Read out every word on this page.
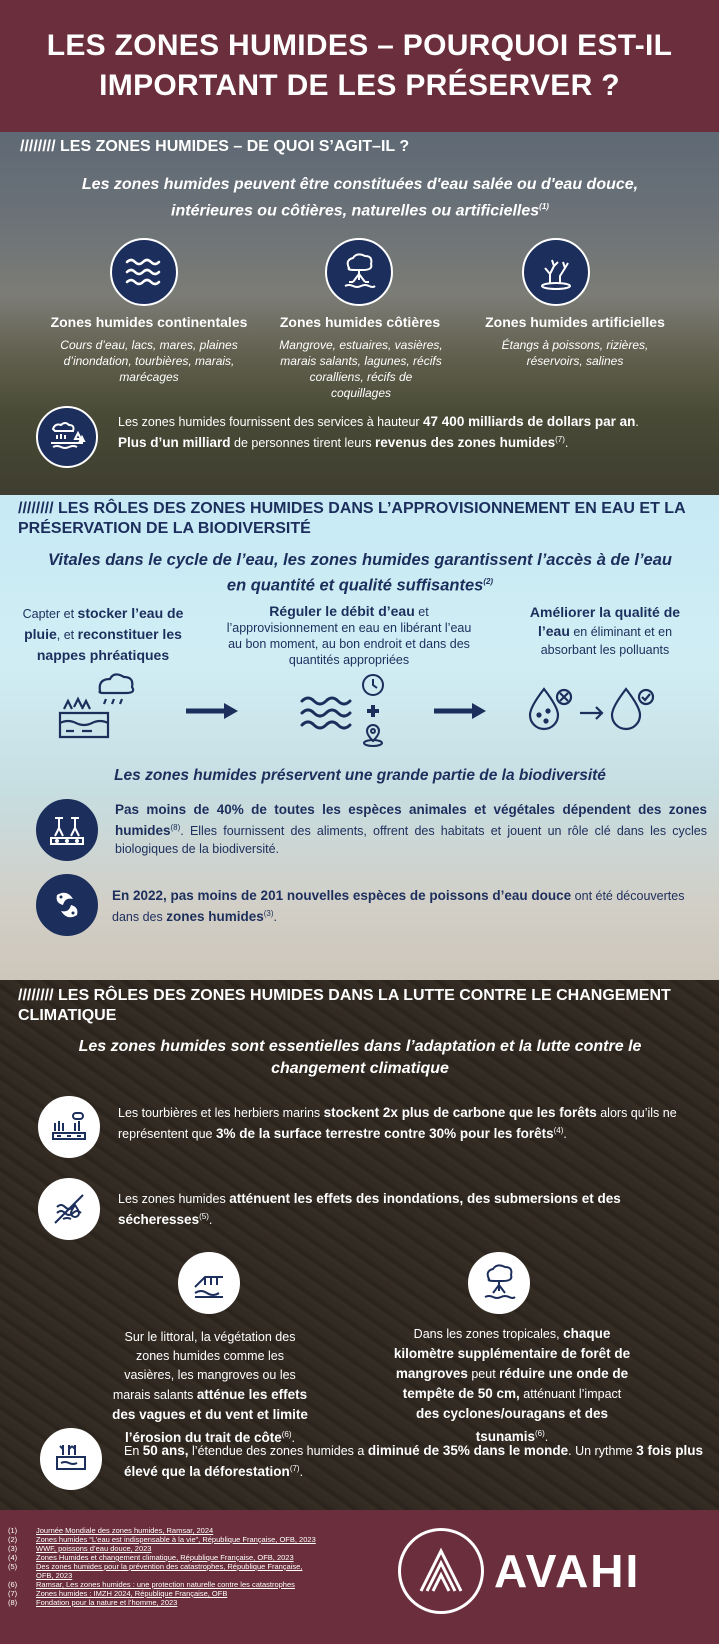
LES ZONES HUMIDES – POURQUOI EST-IL
IMPORTANT DE LES PRÉSERVER ?
//////// LES ZONES HUMIDES – DE QUOI S’AGIT–IL ?
Les zones humides peuvent être constituées d'eau salée ou d'eau douce,
intérieures ou côtières, naturelles ou artificielles$^{(1)}$
Zones humides continentales
Cours d’eau, lacs, mares, plaines d’inondation, tourbières, marais, marécages
Zones humides côtières
Mangrove, estuaires, vasières, marais salants, lagunes, récifs coralliens, récifs de coquillages
Zones humides artificielles
Étangs à poissons, rizières, réservoirs, salines
Les zones humides fournissent des services à hauteur 47 400 milliards de dollars par an.
Plus d’un milliard de personnes tirent leurs revenus des zones humides$^{(7)}$.
//////// LES RÔLES DES ZONES HUMIDES DANS L’APPROVISIONNEMENT EN EAU ET LA
PRÉSERVATION DE LA BIODIVERSITÉ
Vitales dans le cycle de l’eau, les zones humides garantissent l’accès à de l’eau
en quantité et qualité suffisantes$^{(2)}$
Capter et stocker l’eau de pluie, et reconstituer les nappes phréatiques
Réguler le débit d’eau et l’approvisionnement en eau en libérant l’eau au bon moment, au bon endroit et dans des quantités appropriées
Améliorer la qualité de l’eau en éliminant et en absorbant les polluants
Les zones humides préservent une grande partie de la biodiversité
Pas moins de 40% de toutes les espèces animales et végétales dépendent des zones humides$^{(8)}$. Elles fournissent des aliments, offrent des habitats et jouent un rôle clé dans les cycles biologiques de la biodiversité.
En 2022, pas moins de 201 nouvelles espèces de poissons d’eau douce ont été découvertes dans des zones humides$^{(3)}$.
//////// LES RÔLES DES ZONES HUMIDES DANS LA LUTTE CONTRE LE CHANGEMENT
CLIMATIQUE
Les zones humides sont essentielles dans l’adaptation et la lutte contre le
changement climatique
Les tourbières et les herbiers marins stockent 2x plus de carbone que les forêts alors qu’ils ne représentent que 3% de la surface terrestre contre 30% pour les forêts$^{(4)}$.
Les zones humides atténuent les effets des inondations, des submersions et des sécheresses$^{(5)}$.
Sur le littoral, la végétation des zones humides comme les vasières, les mangroves ou les marais salants atténue les effets des vagues et du vent et limite l’érosion du trait de côte$^{(6)}$.
Dans les zones tropicales, chaque kilomètre supplémentaire de forêt de mangroves peut réduire une onde de tempête de 50 cm, atténuant l’impact des cyclones/ouragans et des tsunamis$^{(6)}$.
En 50 ans, l’étendue des zones humides a diminué de 35% dans le monde. Un rythme 3 fois plus élevé que la déforestation$^{(7)}$.
(1)	Journée Mondiale des zones humides, Ramsar, 2024
(2)	Zones humides “L’eau est indispensable à la vie”, République Française, OFB, 2023
(3)	WWF, poissons d’eau douce, 2023
(4)	Zones Humides et changement climatique, République Française, OFB, 2023
(5)	Des zones humides pour la prévention des catastrophes, République Française,
OFB, 2023
(6)	Ramsar, Les zones humides : une protection naturelle contre les catastrophes
(7)	Zones humides : IMZH 2024, République Française, OFB
(8)	Fondation pour la nature et l’homme, 2023
AVAHI
